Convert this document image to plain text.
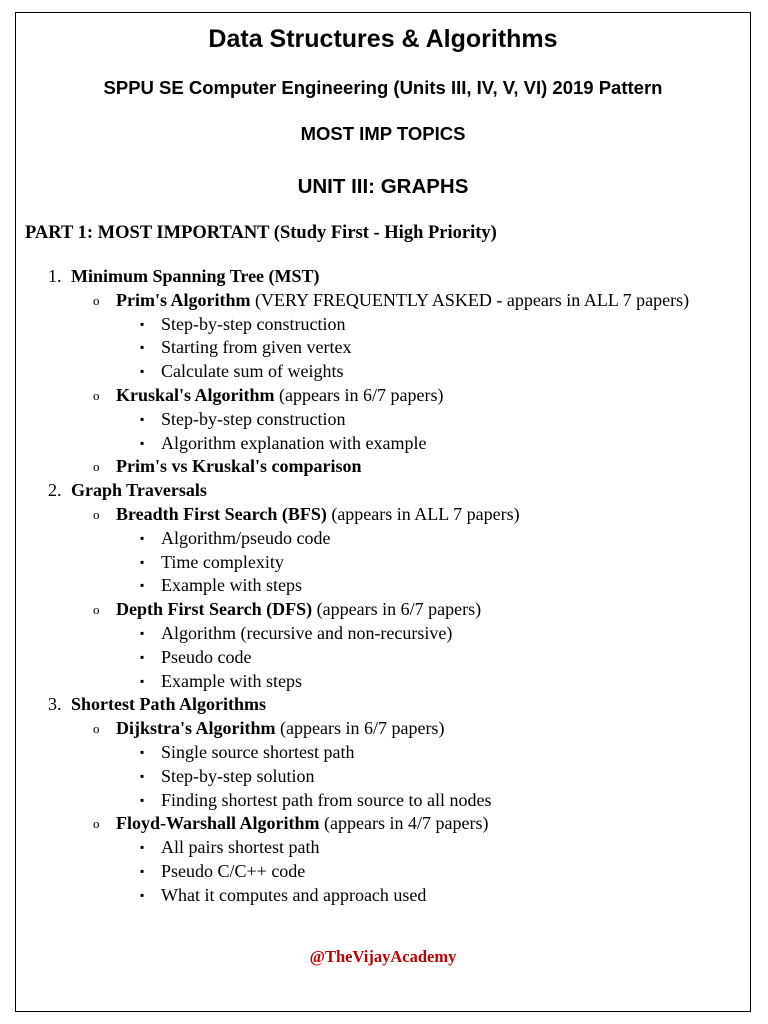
Data Structures & Algorithms
SPPU SE Computer Engineering (Units III, IV, V, VI) 2019 Pattern
MOST IMP TOPICS
UNIT III: GRAPHS
PART 1: MOST IMPORTANT (Study First - High Priority)
1. Minimum Spanning Tree (MST)
o Prim's Algorithm (VERY FREQUENTLY ASKED - appears in ALL 7 papers)
▪ Step-by-step construction
▪ Starting from given vertex
▪ Calculate sum of weights
o Kruskal's Algorithm (appears in 6/7 papers)
▪ Step-by-step construction
▪ Algorithm explanation with example
o Prim's vs Kruskal's comparison
2. Graph Traversals
o Breadth First Search (BFS) (appears in ALL 7 papers)
▪ Algorithm/pseudo code
▪ Time complexity
▪ Example with steps
o Depth First Search (DFS) (appears in 6/7 papers)
▪ Algorithm (recursive and non-recursive)
▪ Pseudo code
▪ Example with steps
3. Shortest Path Algorithms
o Dijkstra's Algorithm (appears in 6/7 papers)
▪ Single source shortest path
▪ Step-by-step solution
▪ Finding shortest path from source to all nodes
o Floyd-Warshall Algorithm (appears in 4/7 papers)
▪ All pairs shortest path
▪ Pseudo C/C++ code
▪ What it computes and approach used
@TheVijayAcademy
